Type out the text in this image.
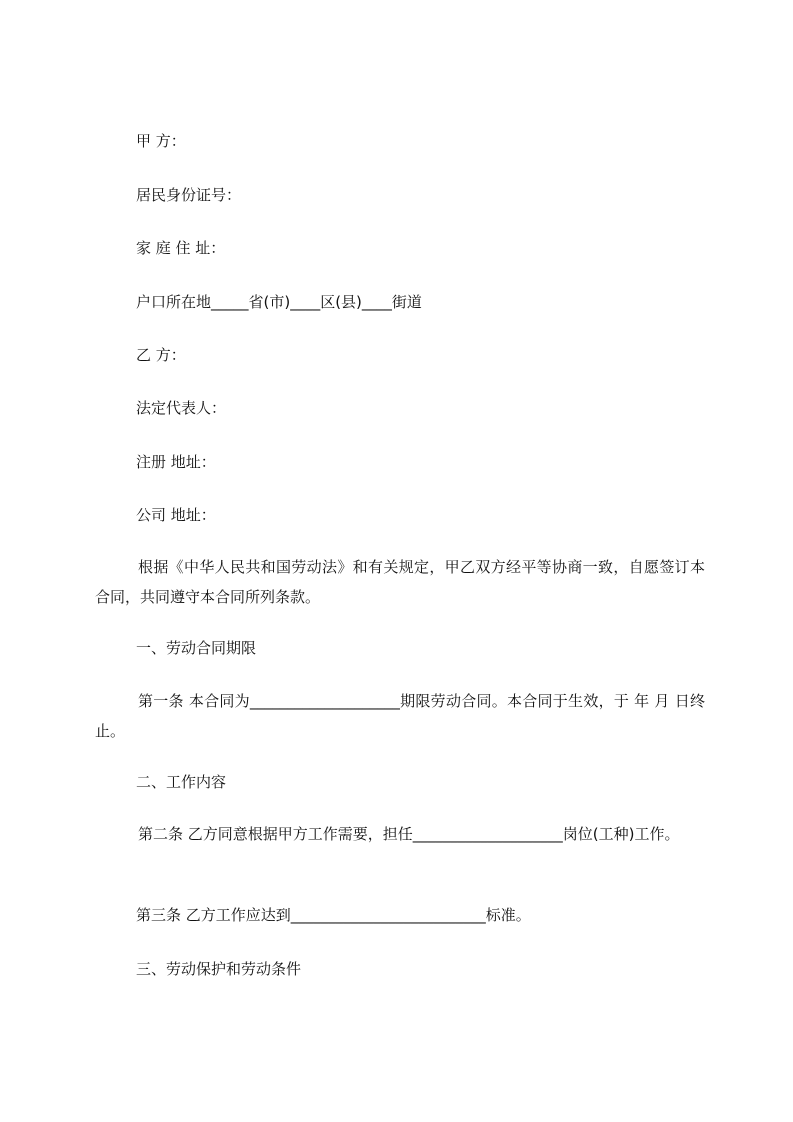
甲 方：
居民身份证号：
家 庭 住 址：
户口所在地_____省(市)____区(县)____街道
乙 方：
法定代表人：
注册 地址：
公司 地址：
根据《中华人民共和国劳动法》和有关规定，甲乙双方经平等协商一致，自愿签订本合同，共同遵守本合同所列条款。
一、劳动合同期限
第一条 本合同为____________________期限劳动合同。本合同于生效，于 年 月 日终止。
二、工作内容
第二条 乙方同意根据甲方工作需要，担任____________________岗位(工种)工作。
第三条 乙方工作应达到__________________________标准。
三、劳动保护和劳动条件
